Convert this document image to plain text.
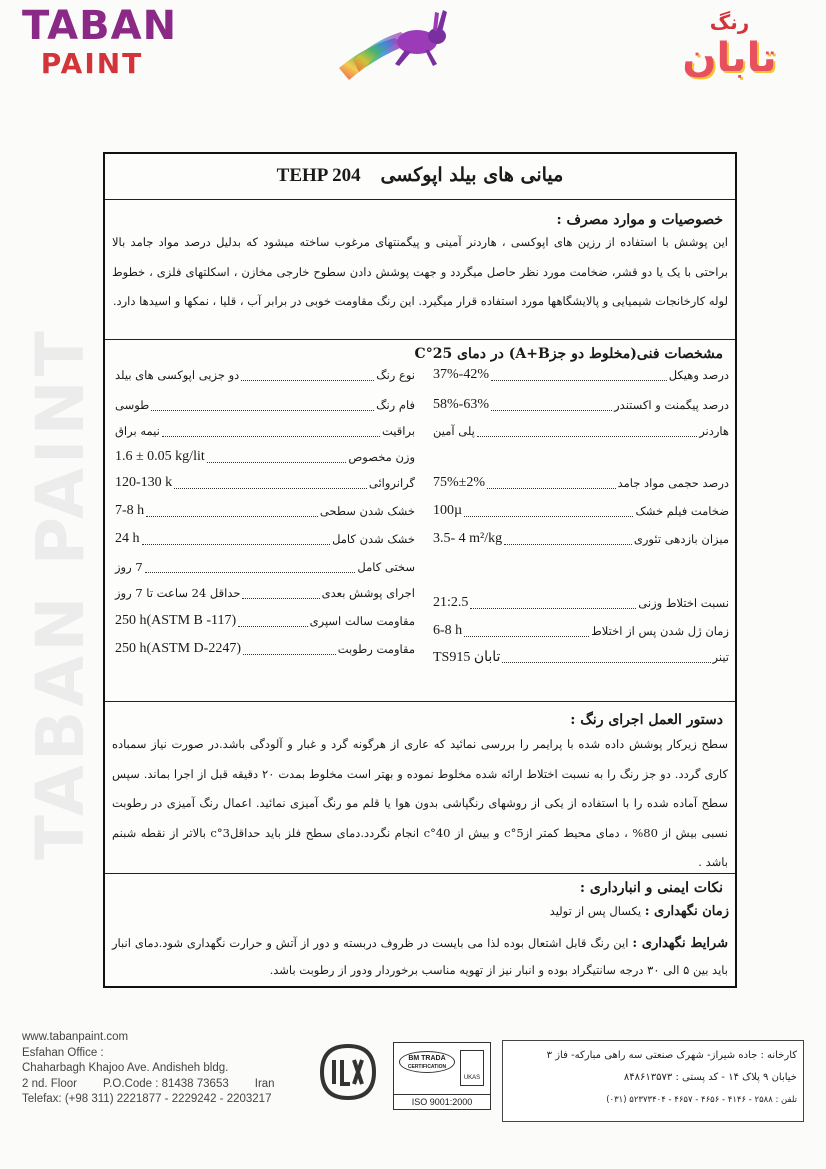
TABAN
PAINT
رنگ
تابان
TABAN PAINT
میانی های بیلد اپوکسی   TEHP 204
خصوصیات و موارد مصرف :
این پوشش با استفاده از رزین های اپوکسی ، هاردنر آمینی و پیگمنتهای مرغوب ساخته میشود که بدلیل درصد مواد جامد بالا براحتی با یک یا دو قشر، ضخامت مورد نظر حاصل میگردد و جهت پوشش دادن سطوح خارجی مخازن ، اسکلتهای فلزی ، خطوط لوله کارخانجات شیمیایی و پالایشگاهها مورد استفاده قرار میگیرد. این رنگ مقاومت خوبی در برابر آب ، قلیا ، نمکها و اسیدها دارد.
مشخصات فنی(مخلوط دو جزA+B) در دمای 25°C
نوع رنگ
دو جزیی اپوکسی های بیلد
فام رنگ
طوسی
براقیت
نیمه براق
وزن مخصوص
1.6 ± 0.05 kg/lit
گرانروائی
120-130 k
خشک شدن سطحی
7-8 h
خشک شدن کامل
24 h
سختی کامل
7 روز
اجرای پوشش بعدی
حداقل 24 ساعت تا 7 روز
مقاومت سالت اسپری
250 h(ASTM B -117)
مقاومت رطوبت
250 h(ASTM D-2247)
درصد وهیکل
37%-42%
درصد پیگمنت و اکستندر
58%-63%
هاردنر
پلی آمین
درصد حجمی مواد جامد
75%±2%
ضخامت فیلم خشک
100µ
میزان بازدهی تئوری
3.5- 4 m²/kg
نسبت اختلاط وزنی
21:2.5
زمان ژل شدن پس از اختلاط
6-8 h
تینر
TS915 تابان
دستور العمل اجرای رنگ :
سطح زیرکار پوشش داده شده با پرایمر را بررسی نمائید که عاری از هرگونه گرد و غبار و آلودگی باشد.در صورت نیاز سمباده کاری گردد. دو جز رنگ را به نسبت اختلاط ارائه شده مخلوط نموده و بهتر است مخلوط بمدت ۲۰ دقیقه قبل از اجرا بماند. سپس سطح آماده شده را با استفاده از یکی از روشهای رنگپاشی بدون هوا یا قلم مو رنگ آمیزی نمائید. اعمال رنگ آمیزی در رطوبت نسبی بیش از 80% ، دمای محیط کمتر از5°c و بیش از 40°c انجام نگردد.دمای سطح فلز باید حداقل3°c بالاتر از نقطه شبنم باشد .
نکات ایمنی و انبارداری :
زمان نگهداری : یکسال پس از تولید
شرایط نگهداری : این رنگ قابل اشتعال بوده لذا می بایست در ظروف دربسته و دور از آتش و حرارت نگهداری شود.دمای انبار باید بین ۵ الی ۳۰ درجه سانتیگراد بوده و انبار نیز از تهویه مناسب برخوردار ودور از رطوبت باشد.
www.tabanpaint.com
Esfahan Office :
Chaharbagh Khajoo Ave. Andisheh bldg.
2 nd. Floor P.O.Code : 81438 73653 Iran
Telefax: (+98 311) 2221877 - 2229242 - 2203217
BM TRADA
CERTIFICATION
UKAS
ISO 9001:2000
کارخانه : جاده شیراز- شهرک صنعتی سه راهی مبارکه- فاز ۳
خیابان ۹ پلاک ۱۴ - کد پستی : ۸۴۸۶۱۳۵۷۳
تلفن : ۲۵۸۸ - ۴۱۴۶ - ۴۶۵۶ - ۴۶۵۷ - ۵۲۳۷۳۴۰۴ (۰۳۱)
